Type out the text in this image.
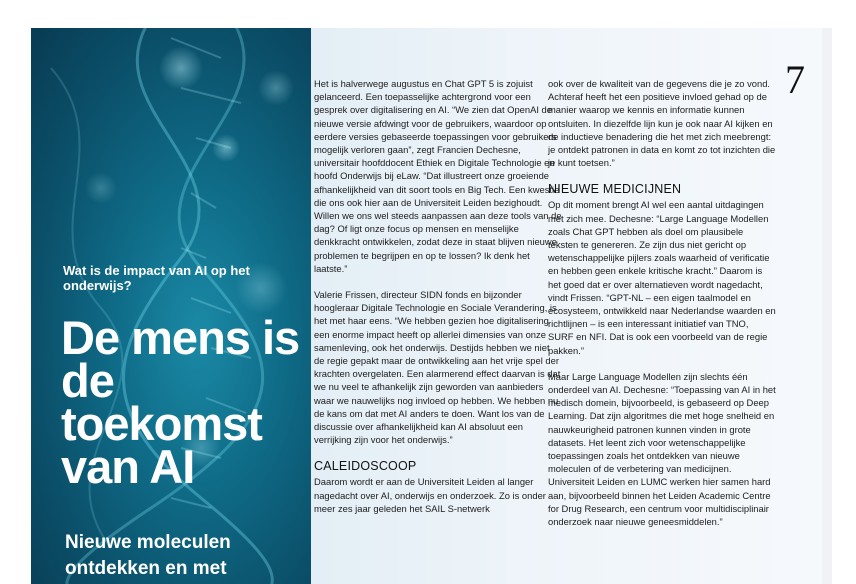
Wat is de impact van AI op het onderwijs?
De mens is de toekomst van AI
Nieuwe moleculen ontdekken en met
7

Het is halverwege augustus en Chat GPT 5 is zojuist gelanceerd. Een toepasselijke achtergrond voor een gesprek over digitalisering en AI. “We zien dat OpenAI de nieuwe versie afdwingt voor de gebruikers, waardoor op eerdere versies gebaseerde toepassingen voor gebruikers mogelijk verloren gaan”, zegt Francien Dechesne, universitair hoofddocent Ethiek en Digitale Technologie en hoofd Onderwijs bij eLaw. “Dat illustreert onze groeiende afhankelijkheid van dit soort tools en Big Tech. Een kwestie die ons ook hier aan de Universiteit Leiden bezighoudt. Willen we ons wel steeds aanpassen aan deze tools van de dag? Of ligt onze focus op mensen en menselijke denkkracht ontwikkelen, zodat deze in staat blijven nieuwe problemen te begrijpen en op te lossen? Ik denk het laatste.”

Valerie Frissen, directeur SIDN fonds en bijzonder hoogleraar Digitale Technologie en Sociale Verandering, is het met haar eens. “We hebben gezien hoe digitalisering een enorme impact heeft op allerlei dimensies van onze samenleving, ook het onderwijs. Destijds hebben we niet de regie gepakt maar de ontwikkeling aan het vrije spel der krachten overgelaten. Een alarmerend effect daarvan is dat we nu veel te afhankelijk zijn geworden van aanbieders waar we nauwelijks nog invloed op hebben. We hebben nu de kans om dat met AI anders te doen. Want los van de discussie over afhankelijkheid kan AI absoluut een verrijking zijn voor het onderwijs.”

CALEIDOSCOOP

Daarom wordt er aan de Universiteit Leiden al langer nagedacht over AI, onderwijs en onderzoek. Zo is onder meer zes jaar geleden het SAIL S-netwerk

ook over de kwaliteit van de gegevens die je zo vond. Achteraf heeft het een positieve invloed gehad op de manier waarop we kennis en informatie kunnen ontsluiten. In diezelfde lijn kun je ook naar AI kijken en de inductieve benadering die het met zich meebrengt: je ontdekt patronen in data en komt zo tot inzichten die je kunt toetsen.”

NIEUWE MEDICIJNEN

Op dit moment brengt AI wel een aantal uitdagingen met zich mee. Dechesne: “Large Language Modellen zoals Chat GPT hebben als doel om plausibele teksten te genereren. Ze zijn dus niet gericht op wetenschappelijke pijlers zoals waarheid of verificatie en hebben geen enkele kritische kracht.” Daarom is het goed dat er over alternatieven wordt nagedacht, vindt Frissen. “GPT-NL – een eigen taalmodel en ecosysteem, ontwikkeld naar Nederlandse waarden en richtlijnen – is een interessant initiatief van TNO, SURF en NFI. Dat is ook een voorbeeld van de regie pakken.”

Maar Large Language Modellen zijn slechts één onderdeel van AI. Dechesne: “Toepassing van AI in het medisch domein, bijvoorbeeld, is gebaseerd op Deep Learning. Dat zijn algoritmes die met hoge snelheid en nauwkeurigheid patronen kunnen vinden in grote datasets. Het leent zich voor wetenschappelijke toepassingen zoals het ontdekken van nieuwe moleculen of de verbetering van medicijnen. Universiteit Leiden en LUMC werken hier samen hard aan, bijvoorbeeld binnen het Leiden Academic Centre for Drug Research, een centrum voor multidisciplinair onderzoek naar nieuwe geneesmiddelen.”
